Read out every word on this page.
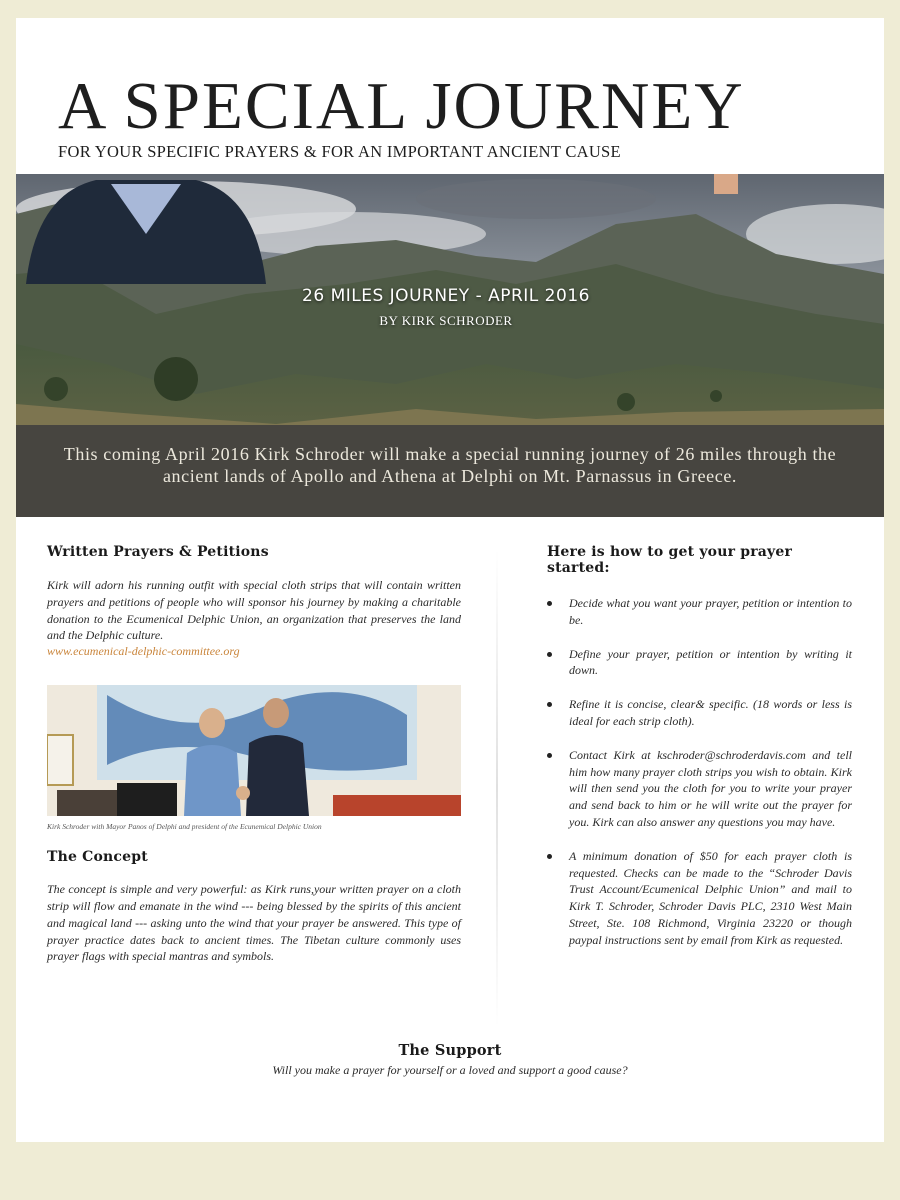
A SPECIAL JOURNEY

FOR YOUR SPECIFIC PRAYERS & FOR AN IMPORTANT ANCIENT CAUSE

26 MILES JOURNEY - APRIL 2016
BY KIRK SCHRODER

This coming April 2016 Kirk Schroder will make a special running journey of 26 miles through the ancient lands of Apollo and Athena at Delphi on Mt. Parnassus in Greece.

Written Prayers & Petitions

Kirk will adorn his running outfit with special cloth strips that will contain written prayers and petitions of people who will sponsor his journey by making a charitable donation to the Ecumenical Delphic Union, an organization that preserves the land and the Delphic culture.

www.ecumenical-delphic-committee.org
Kirk Schroder with Mayor Panos of Delphi and president of the Ecunemical Delphic Union
The Concept

The concept is simple and very powerful: as Kirk runs,your written prayer on a cloth strip will flow and emanate in the wind --- being blessed by the spirits of this ancient and magical land --- asking unto the wind that your prayer be answered. This type of prayer practice dates back to ancient times. The Tibetan culture commonly uses prayer flags with special mantras and symbols.

Here is how to get your prayer started:
Decide what you want your prayer, petition or intention to be.
Define your prayer, petition or intention by writing it down.
Refine it is concise, clear& specific. (18 words or less is ideal for each strip cloth).
Contact Kirk at kschroder@schroderdavis.com and tell him how many prayer cloth strips you wish to obtain. Kirk will then send you the cloth for you to write your prayer and send back to him or he will write out the prayer for you. Kirk can also answer any questions you may have.
A minimum donation of $50 for each prayer cloth is requested. Checks can be made to the “Schroder Davis Trust Account/Ecumenical Delphic Union” and mail to Kirk T. Schroder, Schroder Davis PLC, 2310 West Main Street, Ste. 108 Richmond, Virginia 23220 or though paypal instructions sent by email from Kirk as requested.
The Support

Will you make a prayer for yourself or a loved and support a good cause?
